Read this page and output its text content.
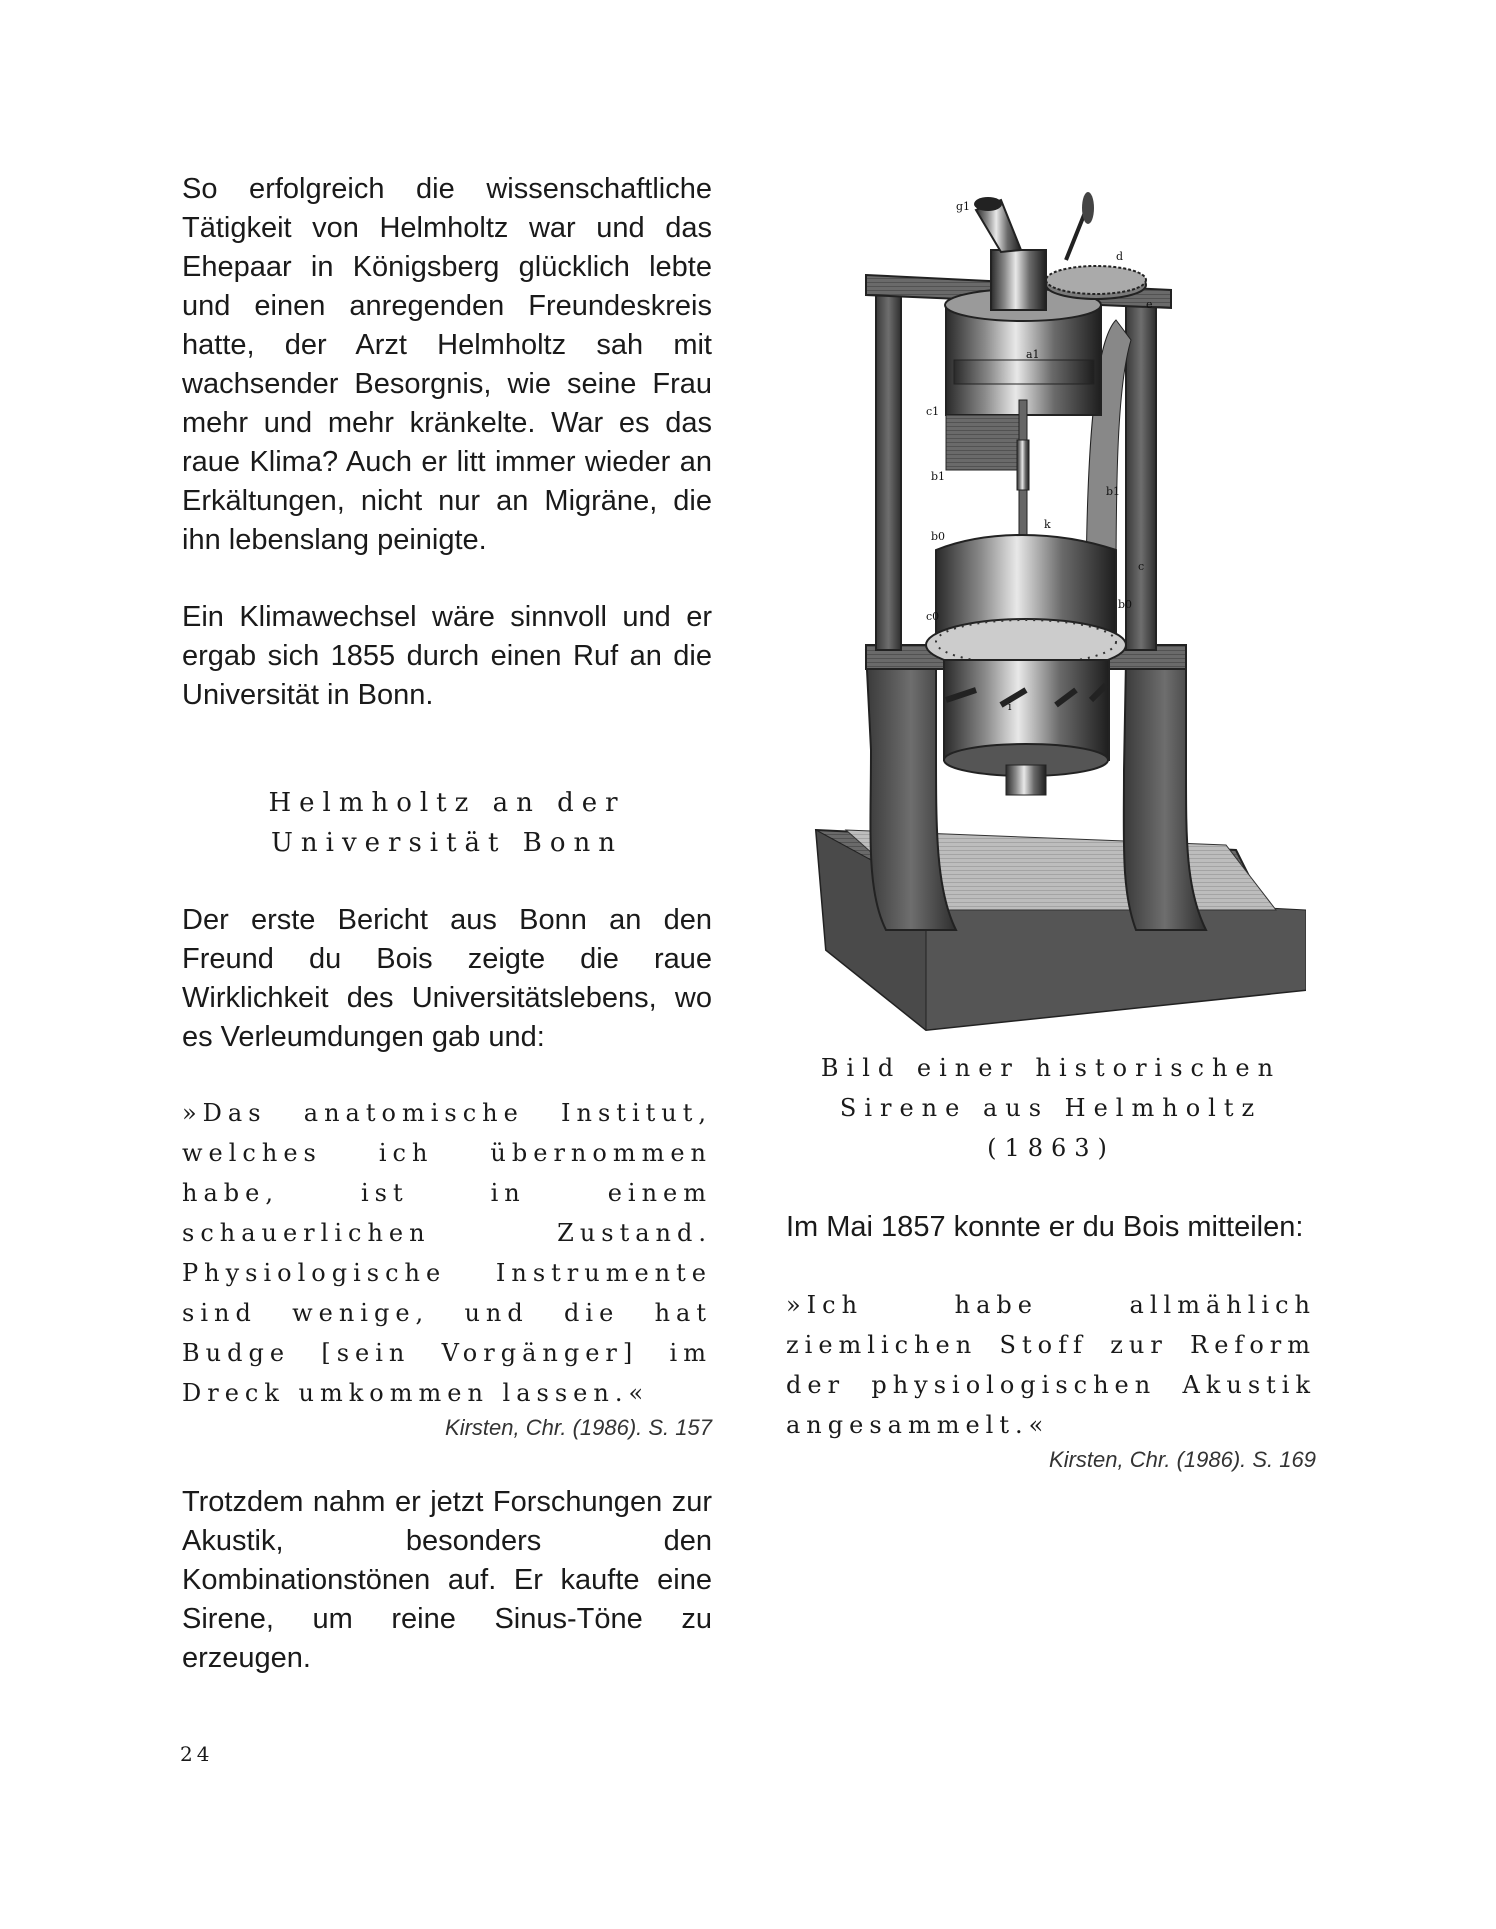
So erfolgreich die wissenschaftliche Tätigkeit von Helmholtz war und das Ehepaar in Königsberg glücklich lebte und einen anregenden Freundeskreis hatte, der Arzt Helmholtz sah mit wachsender Besorgnis, wie seine Frau mehr und mehr kränkelte. War es das raue Klima? Auch er litt immer wieder an Erkältungen, nicht nur an Migräne, die ihn lebenslang peinigte.

Ein Klimawechsel wäre sinnvoll und er ergab sich 1855 durch einen Ruf an die Universität in Bonn.

Helmholtz an der

Universität Bonn

Der erste Bericht aus Bonn an den Freund du Bois zeigte die raue Wirklichkeit des Universitätslebens, wo es Verleumdungen gab und:

»Das anatomische Institut, welches ich übernommen habe, ist in einem schauerlichen Zustand. Physiologische Instrumente sind wenige, und die hat Budge [sein Vorgänger] im Dreck umkommen lassen.«

Kirsten, Chr. (1986). S. 157

Trotzdem nahm er jetzt Forschungen zur Akustik, besonders den Kombinationstönen auf. Er kaufte eine Sirene, um reine Sinus-Töne zu erzeugen.

g1
d
e
a1
c1
b1
b1
k
b0
c0
b0
c
i

Bild einer historischen

Sirene aus Helmholtz

(1863)

Im Mai 1857 konnte er du Bois mitteilen:

»Ich habe allmählich ziemlichen Stoff zur Reform der physiologischen Akustik angesammelt.«

Kirsten, Chr. (1986). S. 169

24
